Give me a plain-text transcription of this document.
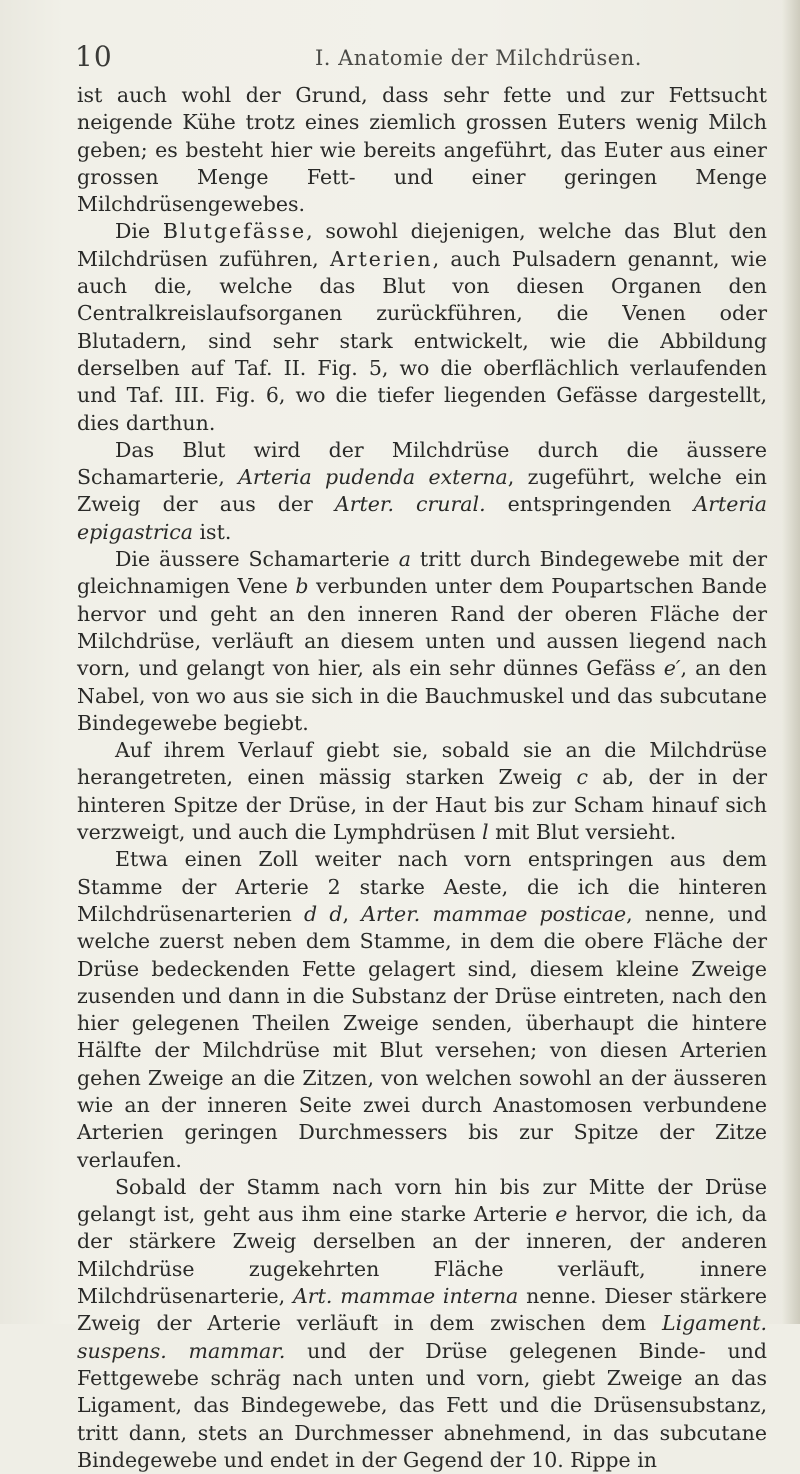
10	I. Anatomie der Milchdrüsen.

ist auch wohl der Grund, dass sehr fette und zur Fettsucht neigende Kühe trotz eines ziemlich grossen Euters wenig Milch geben; es besteht hier wie bereits angeführt, das Euter aus einer grossen Menge Fett- und einer geringen Menge Milchdrüsengewebes.

Die Blutgefässe, sowohl diejenigen, welche das Blut den Milchdrüsen zuführen, Arterien, auch Pulsadern genannt, wie auch die, welche das Blut von diesen Organen den Centralkreislaufsorganen zurückführen, die Venen oder Blutadern, sind sehr stark entwickelt, wie die Abbildung derselben auf Taf. II. Fig. 5, wo die oberflächlich verlaufenden und Taf. III. Fig. 6, wo die tiefer liegenden Gefässe dargestellt, dies darthun.

Das Blut wird der Milchdrüse durch die äussere Schamarterie, Arteria pudenda externa, zugeführt, welche ein Zweig der aus der Arter. crural. entspringenden Arteria epigastrica ist.

Die äussere Schamarterie a tritt durch Bindegewebe mit der gleichnamigen Vene b verbunden unter dem Poupartschen Bande hervor und geht an den inneren Rand der oberen Fläche der Milchdrüse, verläuft an diesem unten und aussen liegend nach vorn, und gelangt von hier, als ein sehr dünnes Gefäss e′, an den Nabel, von wo aus sie sich in die Bauchmuskel und das subcutane Bindegewebe begiebt.

Auf ihrem Verlauf giebt sie, sobald sie an die Milchdrüse herangetreten, einen mässig starken Zweig c ab, der in der hinteren Spitze der Drüse, in der Haut bis zur Scham hinauf sich verzweigt, und auch die Lymphdrüsen l mit Blut versieht.

Etwa einen Zoll weiter nach vorn entspringen aus dem Stamme der Arterie 2 starke Aeste, die ich die hinteren Milchdrüsenarterien d d, Arter. mammae posticae, nenne, und welche zuerst neben dem Stamme, in dem die obere Fläche der Drüse bedeckenden Fette gelagert sind, diesem kleine Zweige zusenden und dann in die Substanz der Drüse eintreten, nach den hier gelegenen Theilen Zweige senden, überhaupt die hintere Hälfte der Milchdrüse mit Blut versehen; von diesen Arterien gehen Zweige an die Zitzen, von welchen sowohl an der äusseren wie an der inneren Seite zwei durch Anastomosen verbundene Arterien geringen Durchmessers bis zur Spitze der Zitze verlaufen.

Sobald der Stamm nach vorn hin bis zur Mitte der Drüse gelangt ist, geht aus ihm eine starke Arterie e hervor, die ich, da der stärkere Zweig derselben an der inneren, der anderen Milchdrüse zugekehrten Fläche verläuft, innere Milchdrüsenarterie, Art. mammae interna nenne. Dieser stärkere Zweig der Arterie verläuft in dem zwischen dem Ligament. suspens. mammar. und der Drüse gelegenen Binde- und Fettgewebe schräg nach unten und vorn, giebt Zweige an das Ligament, das Bindegewebe, das Fett und die Drüsensubstanz, tritt dann, stets an Durchmesser abnehmend, in das subcutane Bindegewebe und endet in der Gegend der 10. Rippe in
